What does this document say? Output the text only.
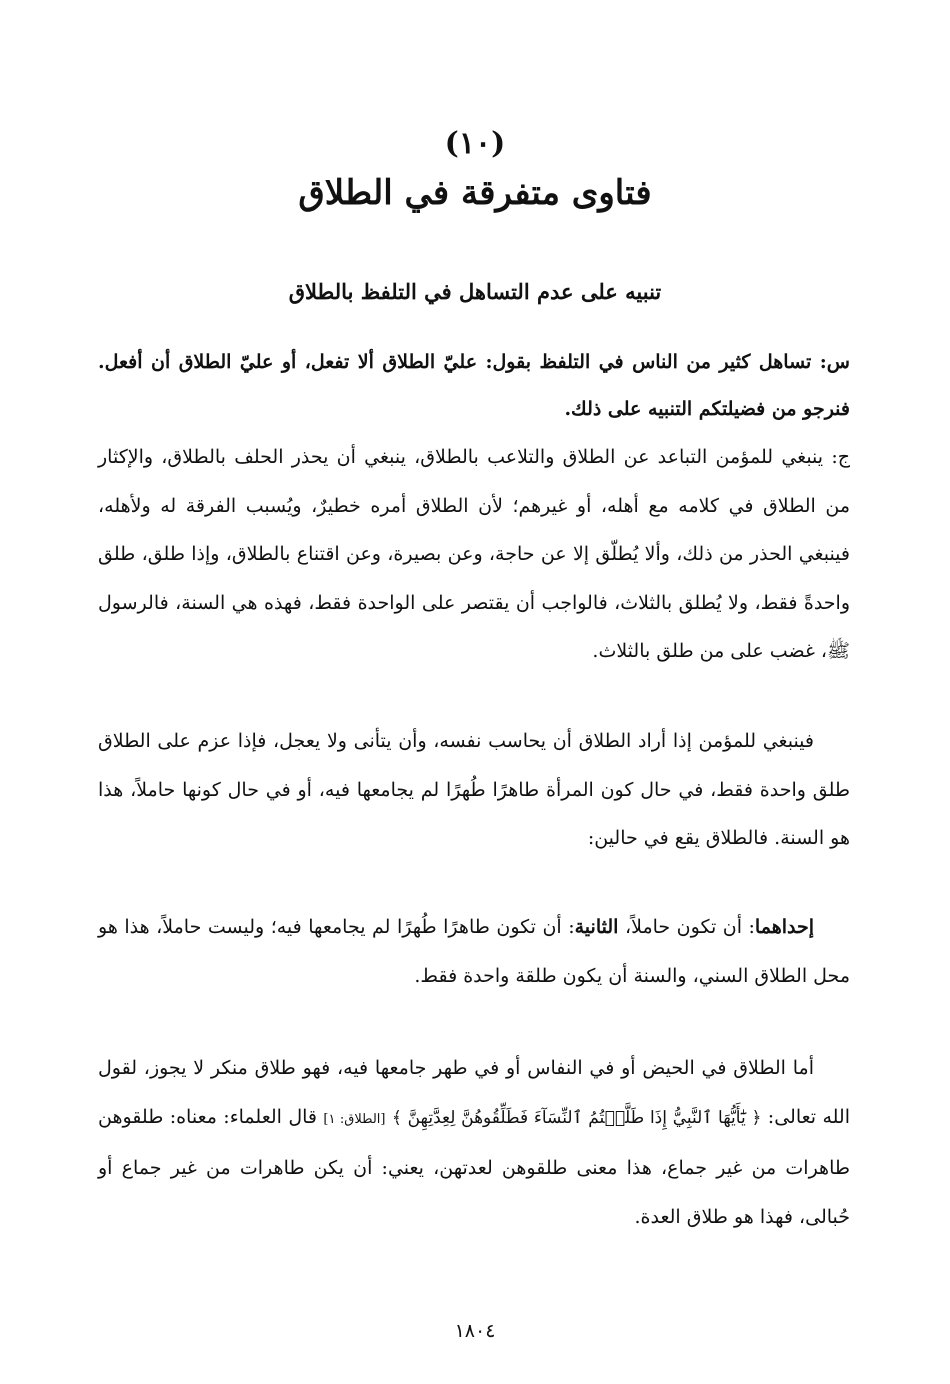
(١٠)
فتاوى متفرقة في الطلاق
تنبيه على عدم التساهل في التلفظ بالطلاق

س: تساهل كثير من الناس في التلفظ بقول: عليّ الطلاق ألا تفعل، أو عليّ الطلاق أن أفعل. فنرجو من فضيلتكم التنبيه على ذلك.

ج: ينبغي للمؤمن التباعد عن الطلاق والتلاعب بالطلاق، ينبغي أن يحذر الحلف بالطلاق، والإكثار من الطلاق في كلامه مع أهله، أو غيرهم؛ لأن الطلاق أمره خطيرٌ، ويُسبب الفرقة له ولأهله، فينبغي الحذر من ذلك، وألا يُطلّق إلا عن حاجة، وعن بصيرة، وعن اقتناع بالطلاق، وإذا طلق، طلق واحدةً فقط، ولا يُطلق بالثلاث، فالواجب أن يقتصر على الواحدة فقط، فهذه هي السنة، فالرسول ﷺ، غضب على من طلق بالثلاث.

فينبغي للمؤمن إذا أراد الطلاق أن يحاسب نفسه، وأن يتأنى ولا يعجل، فإذا عزم على الطلاق طلق واحدة فقط، في حال كون المرأة طاهرًا طُهرًا لم يجامعها فيه، أو في حال كونها حاملاً، هذا هو السنة. فالطلاق يقع في حالين:

إحداهما: أن تكون حاملاً، الثانية: أن تكون طاهرًا طُهرًا لم يجامعها فيه؛ وليست حاملاً، هذا هو محل الطلاق السني، والسنة أن يكون طلقة واحدة فقط.

أما الطلاق في الحيض أو في النفاس أو في طهر جامعها فيه، فهو طلاق منكر لا يجوز، لقول الله تعالى: ﴿ يَٰٓأَيُّهَا ٱلنَّبِيُّ إِذَا طَلَّقۡتُمُ ٱلنِّسَآءَ فَطَلِّقُوهُنَّ لِعِدَّتِهِنَّ ﴾ [الطلاق: ١] قال العلماء: معناه: طلقوهن طاهرات من غير جماع، هذا معنى طلقوهن لعدتهن، يعني: أن يكن طاهرات من غير جماع أو حُبالى، فهذا هو طلاق العدة.

١٨٠٤
